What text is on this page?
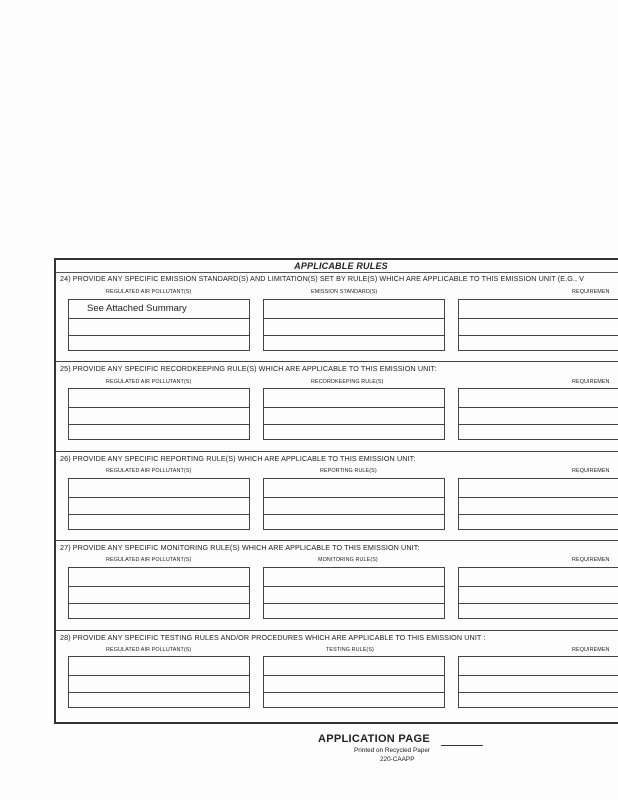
APPLICABLE RULES
24) PROVIDE ANY SPECIFIC EMISSION STANDARD(S) AND LIMITATION(S) SET BY RULE(S) WHICH ARE APPLICABLE TO THIS EMISSION UNIT (E.G., V
REGULATED AIR POLLUTANT(S)	EMISSION STANDARD(S)	REQUIREMEN
See Attached Summary
25) PROVIDE ANY SPECIFIC RECORDKEEPING RULE(S) WHICH ARE APPLICABLE TO THIS EMISSION UNIT:
REGULATED AIR POLLUTANT(S)	RECORDKEEPING RULE(S)	REQUIREMEN
26) PROVIDE ANY SPECIFIC REPORTING RULE(S) WHICH ARE APPLICABLE TO THIS EMISSION UNIT:
REGULATED AIR POLLUTANT(S)	REPORTING RULE(S)	REQUIREMEN
27) PROVIDE ANY SPECIFIC MONITORING RULE(S) WHICH ARE APPLICABLE TO THIS EMISSION UNIT:
REGULATED AIR POLLUTANT(S)	MONITORING RULE(S)	REQUIREMEN
28) PROVIDE ANY SPECIFIC TESTING RULES AND/OR PROCEDURES WHICH ARE APPLICABLE TO THIS EMISSION UNIT :
REGULATED AIR POLLUTANT(S)	TESTING RULE(S)	REQUIREMEN
APPLICATION PAGE
Printed on Recycled Paper
220-CAAPP
